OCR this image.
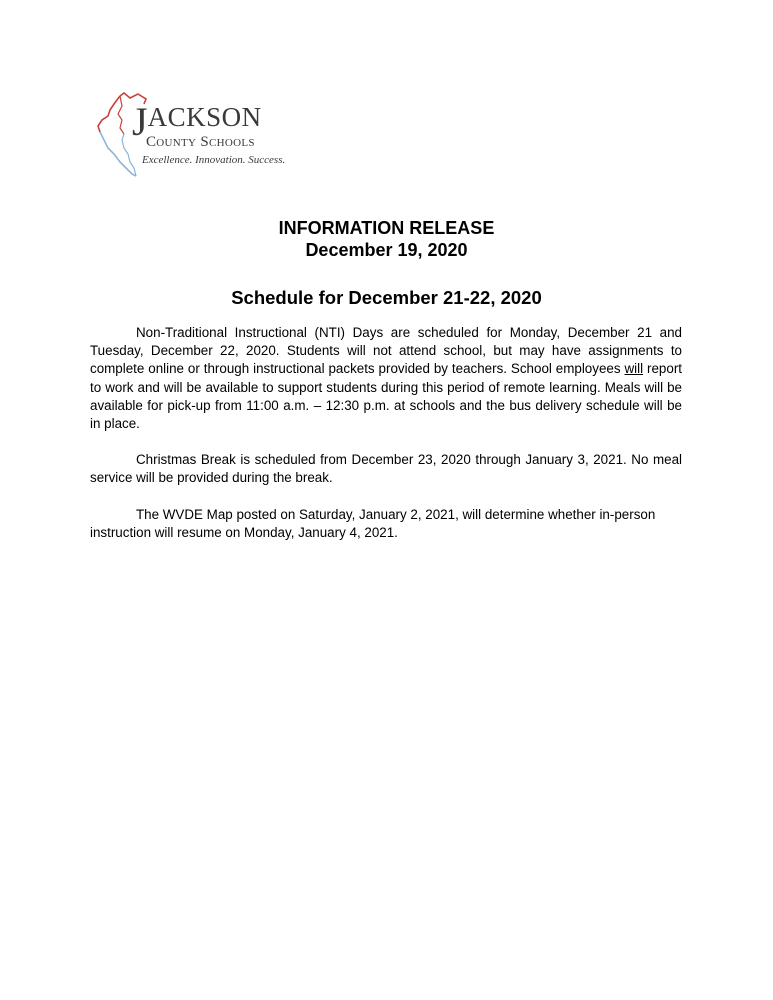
JACKSON
County Schools
Excellence. Innovation. Success.
INFORMATION RELEASE
December 19, 2020
Schedule for December 21-22, 2020

Non-Traditional Instructional (NTI) Days are scheduled for Monday, December 21 and Tuesday, December 22, 2020. Students will not attend school, but may have assignments to complete online or through instructional packets provided by teachers. School employees will report to work and will be available to support students during this period of remote learning. Meals will be available for pick-up from 11:00 a.m. – 12:30 p.m. at schools and the bus delivery schedule will be in place.

Christmas Break is scheduled from December 23, 2020 through January 3, 2021. No meal service will be provided during the break.

The WVDE Map posted on Saturday, January 2, 2021, will determine whether in-person instruction will resume on Monday, January 4, 2021.
